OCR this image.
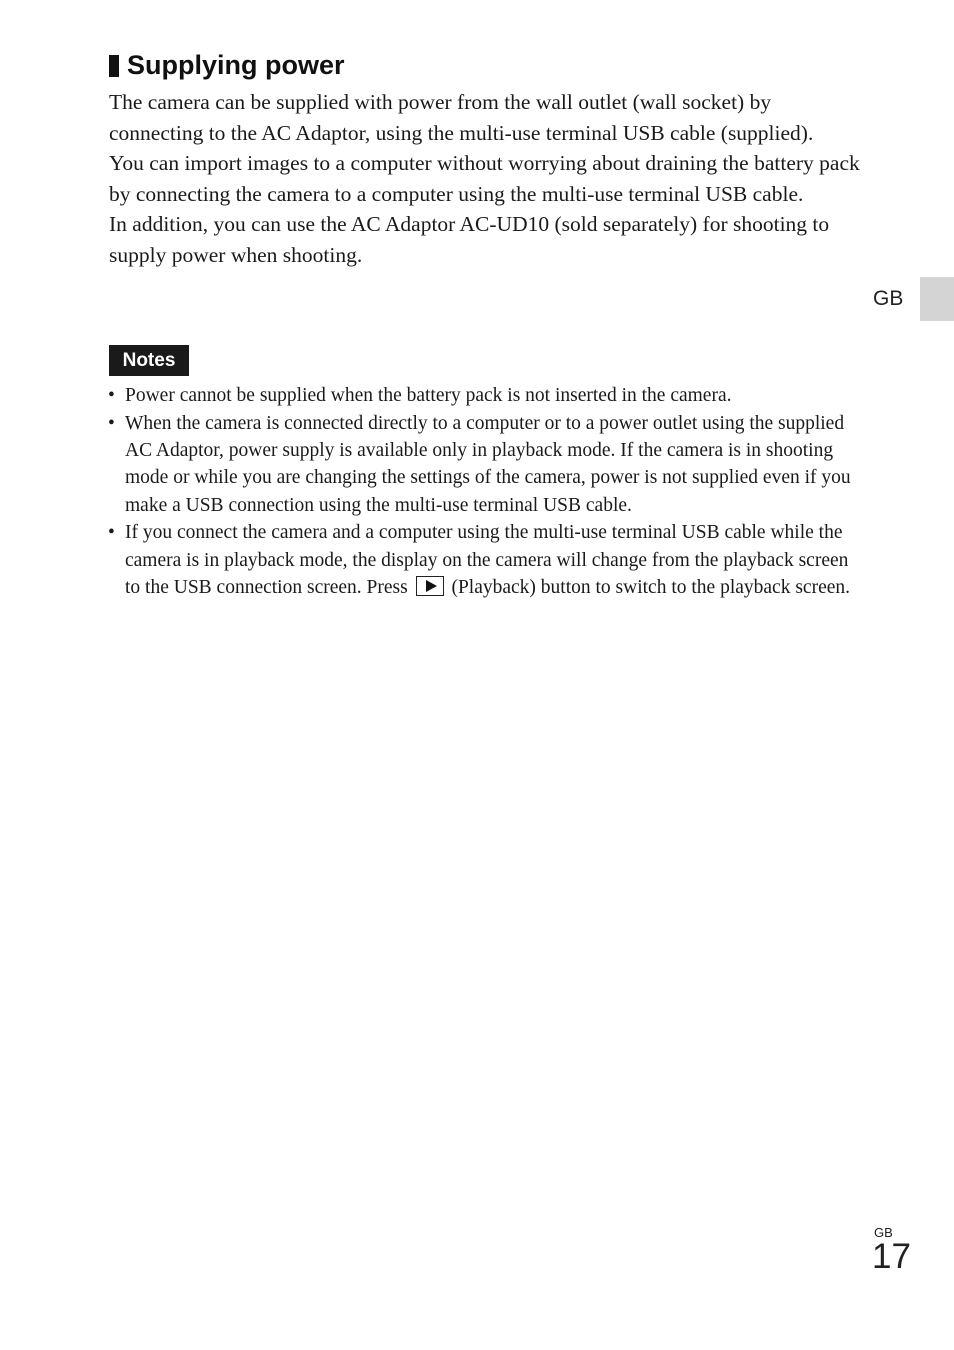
Supplying power

The camera can be supplied with power from the wall outlet (wall socket) by connecting to the AC Adaptor, using the multi-use terminal USB cable (supplied).

You can import images to a computer without worrying about draining the battery pack by connecting the camera to a computer using the multi-use terminal USB cable.

In addition, you can use the AC Adaptor AC-UD10 (sold separately) for shooting to supply power when shooting.

Notes
• Power cannot be supplied when the battery pack is not inserted in the camera.
• When the camera is connected directly to a computer or to a power outlet using the supplied AC Adaptor, power supply is available only in playback mode. If the camera is in shooting mode or while you are changing the settings of the camera, power is not supplied even if you make a USB connection using the multi-use terminal USB cable.
• If you connect the camera and a computer using the multi-use terminal USB cable while the camera is in playback mode, the display on the camera will change from the playback screen to the USB connection screen. Press (Playback) button to switch to the playback screen.
GB
GB
17
